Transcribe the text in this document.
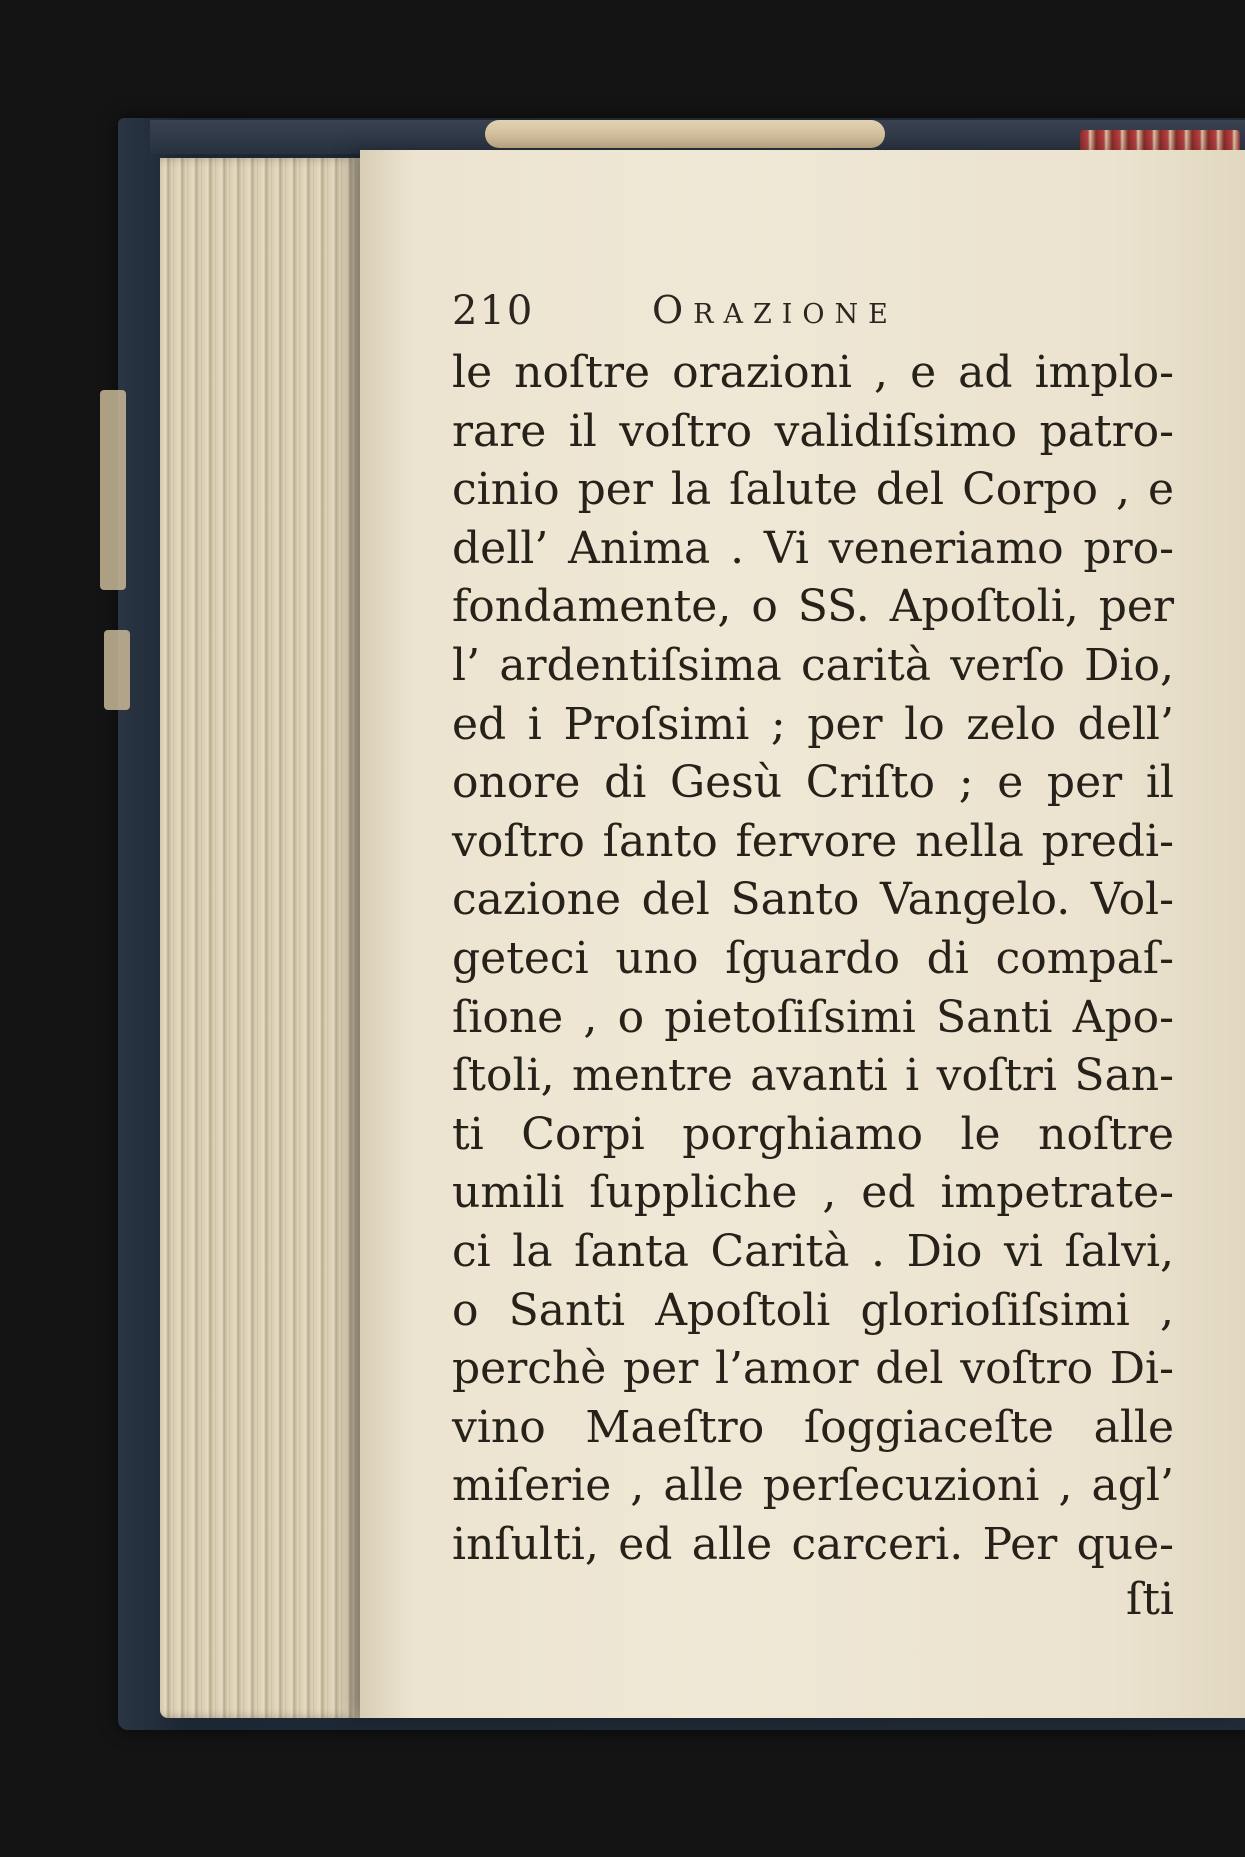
210	Orazione
le noſtre orazioni , e ad implo-
rare il voſtro validiſsimo patro-
cinio per la ſalute del Corpo , e
dell’ Anima . Vi veneriamo pro-
fondamente, o SS. Apoſtoli, per
l’ ardentiſsima carità verſo Dio,
ed i Proſsimi ; per lo zelo dell’
onore di Gesù Criſto ; e per il
voſtro ſanto fervore nella predi-
cazione del Santo Vangelo. Vol-
geteci uno ſguardo di compaſ-
ſione , o pietoſiſsimi Santi Apo-
ſtoli, mentre avanti i voſtri San-
ti Corpi porghiamo le noſtre
umili ſuppliche , ed impetrate-
ci la ſanta Carità . Dio vi ſalvi,
o Santi Apoſtoli glorioſiſsimi ,
perchè per l’amor del voſtro Di-
vino Maeſtro ſoggiaceſte alle
miſerie , alle perſecuzioni , agl’
inſulti, ed alle carceri. Per que-
ſti
